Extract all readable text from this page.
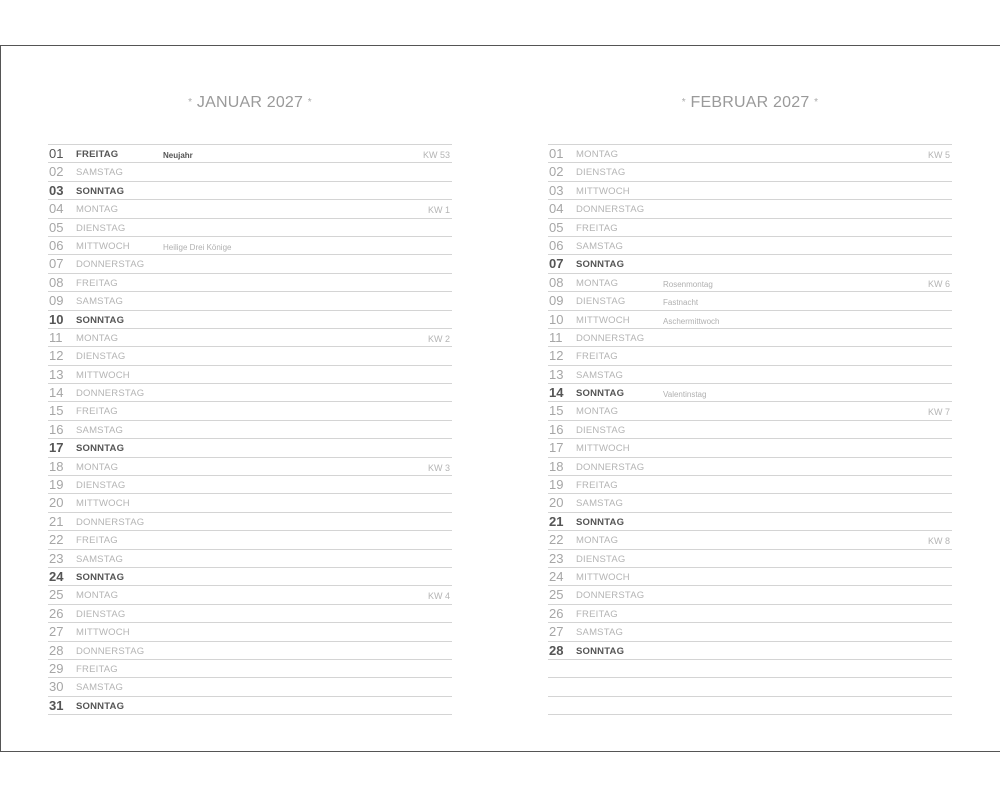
* JANUAR 2027 *
01 FREITAG	Neujahr	KW 53
02 SAMSTAG
03 SONNTAG
04 MONTAG	KW 1
05 DIENSTAG
06 MITTWOCH	Heilige Drei Könige
07 DONNERSTAG
08 FREITAG
09 SAMSTAG
10 SONNTAG
11 MONTAG	KW 2
12 DIENSTAG
13 MITTWOCH
14 DONNERSTAG
15 FREITAG
16 SAMSTAG
17 SONNTAG
18 MONTAG	KW 3
19 DIENSTAG
20 MITTWOCH
21 DONNERSTAG
22 FREITAG
23 SAMSTAG
24 SONNTAG
25 MONTAG	KW 4
26 DIENSTAG
27 MITTWOCH
28 DONNERSTAG
29 FREITAG
30 SAMSTAG
31 SONNTAG
* FEBRUAR 2027 *
01 MONTAG	KW 5
02 DIENSTAG
03 MITTWOCH
04 DONNERSTAG
05 FREITAG
06 SAMSTAG
07 SONNTAG
08 MONTAG	Rosenmontag	KW 6
09 DIENSTAG	Fastnacht
10 MITTWOCH	Aschermittwoch
11 DONNERSTAG
12 FREITAG
13 SAMSTAG
14 SONNTAG	Valentinstag
15 MONTAG	KW 7
16 DIENSTAG
17 MITTWOCH
18 DONNERSTAG
19 FREITAG
20 SAMSTAG
21 SONNTAG
22 MONTAG	KW 8
23 DIENSTAG
24 MITTWOCH
25 DONNERSTAG
26 FREITAG
27 SAMSTAG
28 SONNTAG
